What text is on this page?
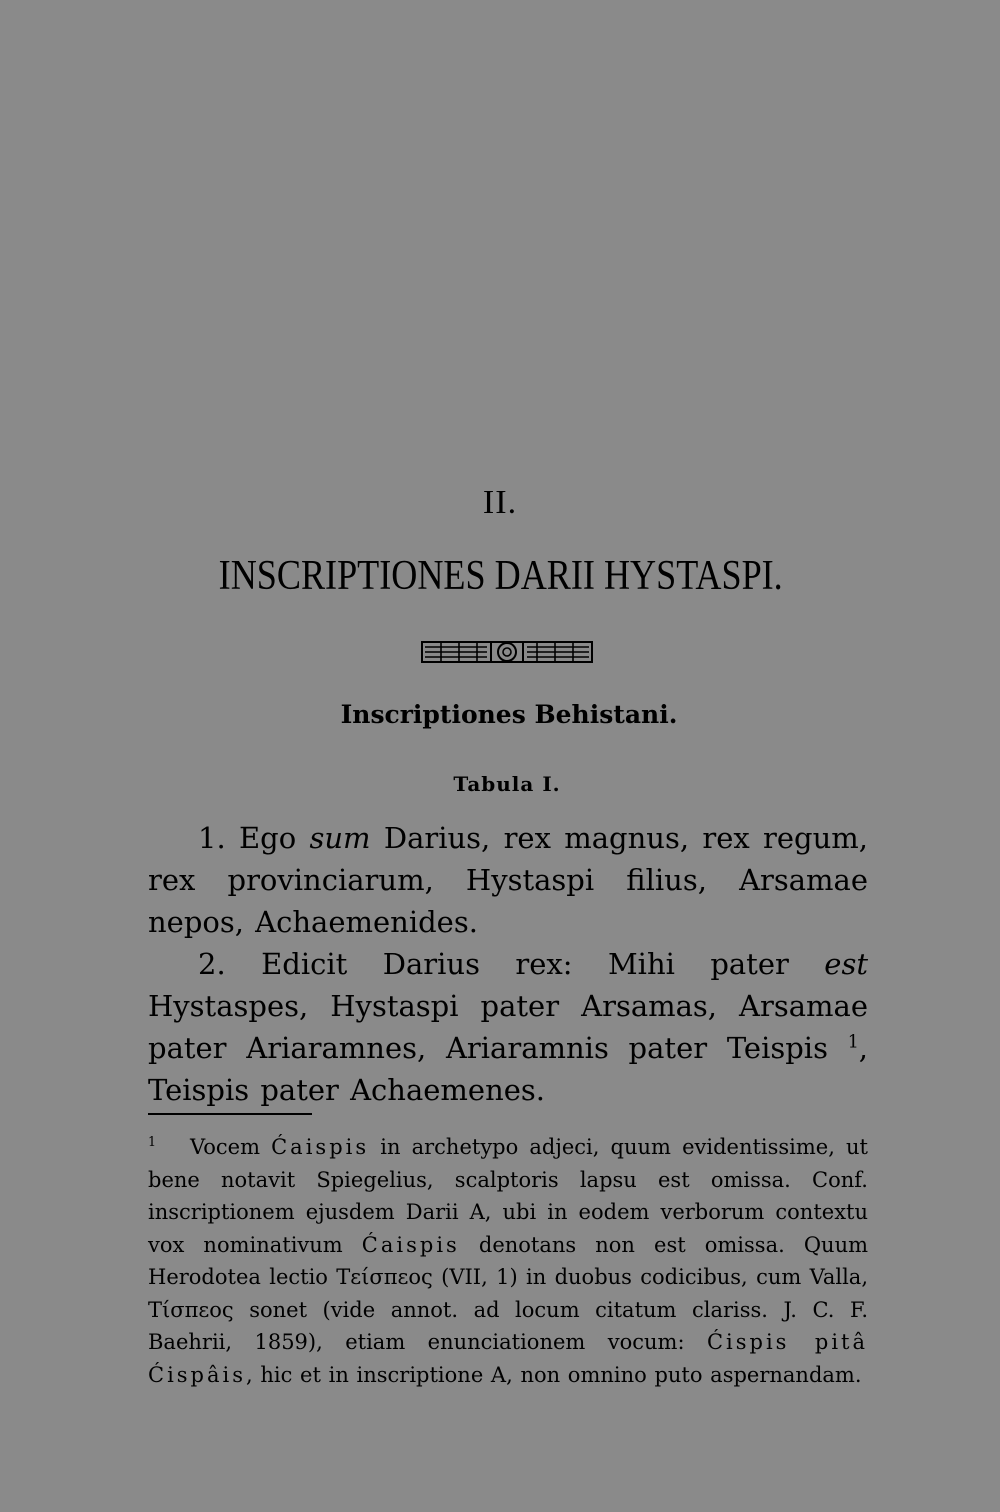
II.
INSCRIPTIONES DARII HYSTASPI.
Inscriptiones Behistani.
Tabula I.
1. Ego sum Darius, rex magnus, rex regum, rex provinciarum, Hystaspi filius, Arsamae nepos, Achaemenides.
2. Edicit Darius rex: Mihi pater est Hystaspes, Hystaspi pater Arsamas, Arsamae pater Ariaramnes, Ariaramnis pater Teispis $^1$, Teispis pater Achaemenes.
$^1$ Vocem Ćaispis in archetypo adjeci, quum evidentissime, ut bene notavit Spiegelius, scalptoris lapsu est omissa. Conf. inscriptionem ejusdem Darii A, ubi in eodem verborum contextu vox nominativum Ćaispis denotans non est omissa. Quum Herodotea lectio Τείσπεος (VII, 1) in duobus codicibus, cum Valla, Τίσπεος sonet (vide annot. ad locum citatum clariss. J. C. F. Baehrii, 1859), etiam enunciationem vocum: Ćispis pitâ Ćispâis, hic et in inscriptione A, non omnino puto aspernandam.
